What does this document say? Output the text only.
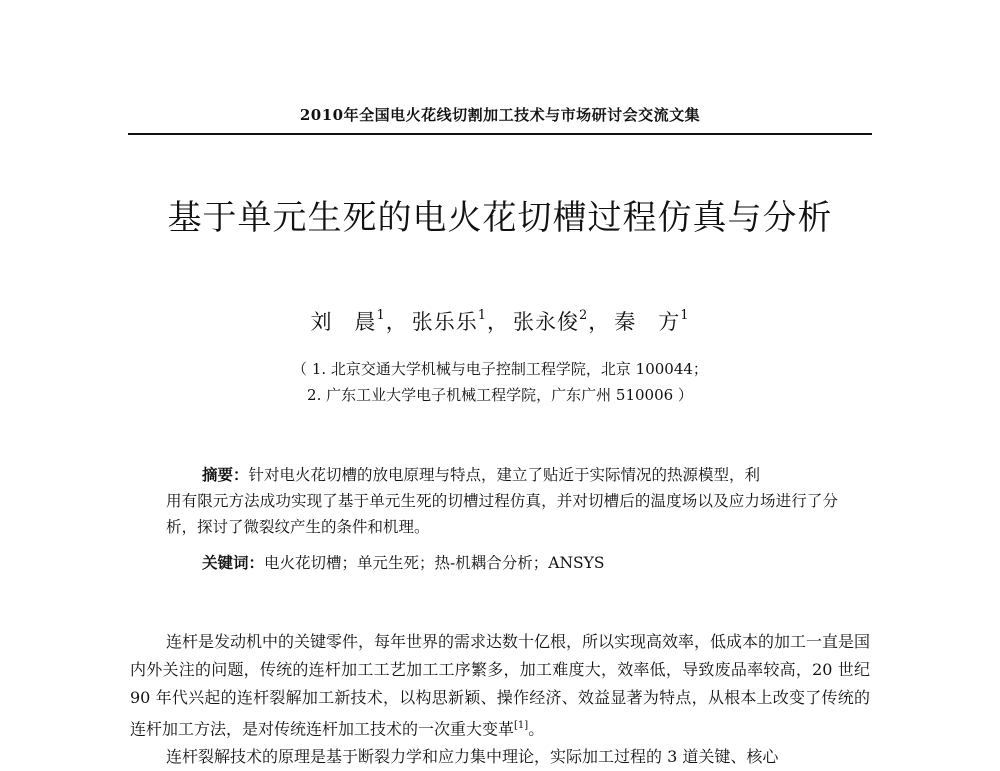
2010年全国电火花线切割加工技术与市场研讨会交流文集
基于单元生死的电火花切槽过程仿真与分析
刘　晨$^1$， 张乐乐$^1$， 张永俊$^2$， 秦　方$^1$
（ 1. 北京交通大学机械与电子控制工程学院，北京 100044；
2. 广东工业大学电子机械工程学院，广东广州 510006 ）

摘要：针对电火花切槽的放电原理与特点，建立了贴近于实际情况的热源模型，利

用有限元方法成功实现了基于单元生死的切槽过程仿真，并对切槽后的温度场以及应力场进行了分析，探讨了微裂纹产生的条件和机理。

关键词：电火花切槽；单元生死；热-机耦合分析；ANSYS

连杆是发动机中的关键零件，每年世界的需求达数十亿根，所以实现高效率，低成本的加工一直是国内外关注的问题，传统的连杆加工工艺加工工序繁多，加工难度大，效率低，导致废品率较高，20 世纪 90 年代兴起的连杆裂解加工新技术，以构思新颖、操作经济、效益显著为特点，从根本上改变了传统的连杆加工方法，是对传统连杆加工技术的一次重大变革[1]。

连杆裂解技术的原理是基于断裂力学和应力集中理论，实际加工过程的 3 道关键、核心
